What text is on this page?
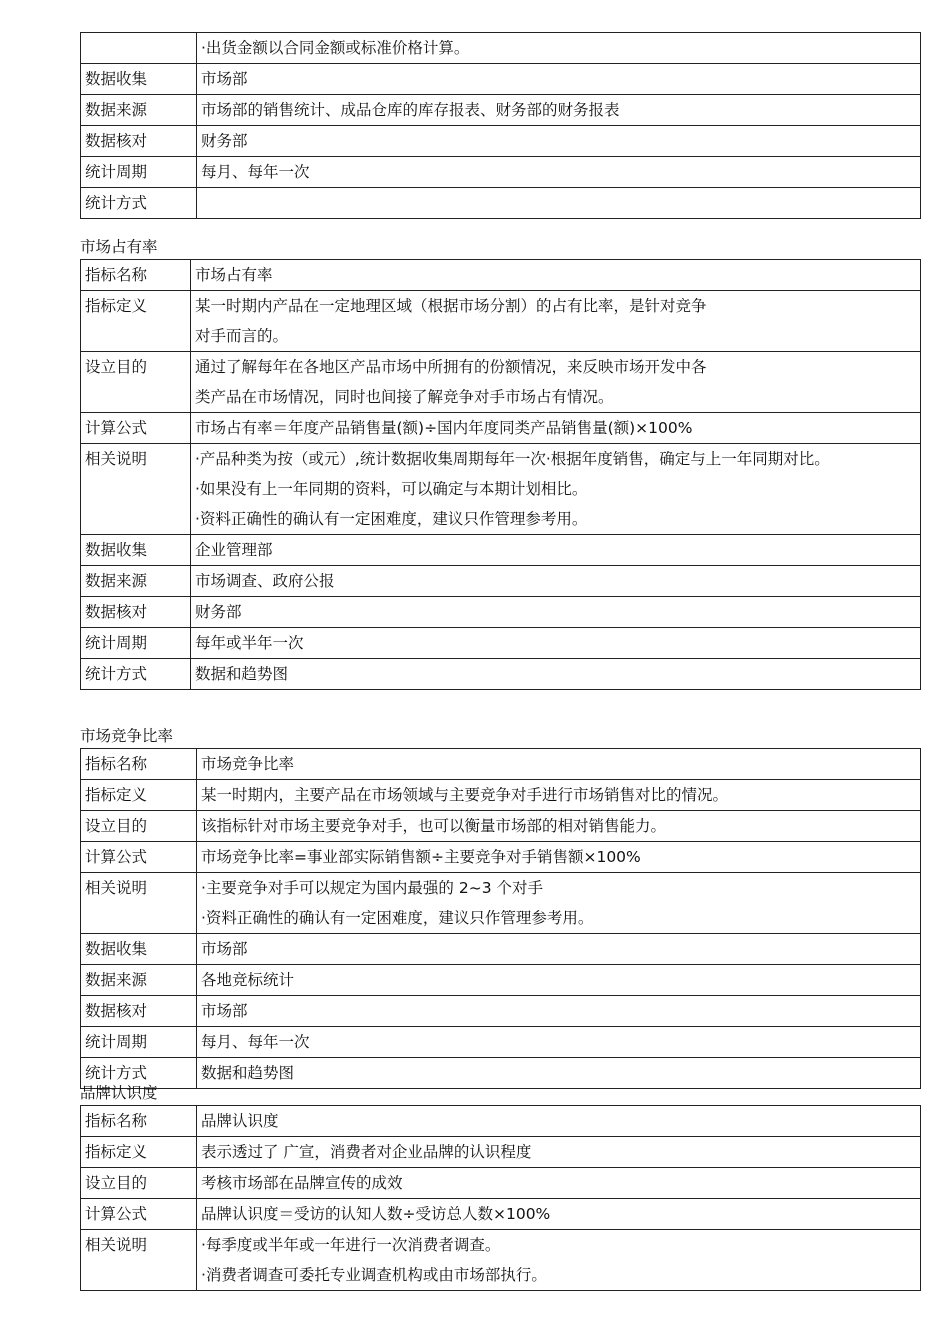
	·出货金额以合同金额或标准价格计算。

数据收集	市场部

数据来源	市场部的销售统计、成品仓库的库存报表、财务部的财务报表

数据核对	财务部

统计周期	每月、每年一次

统计方式	
市场占有率
指标名称	市场占有率

指标定义	某一时期内产品在一定地理区域（根据市场分割）的占有比率，是针对竞争
对手而言的。

设立目的	通过了解每年在各地区产品市场中所拥有的份额情况，来反映市场开发中各
类产品在市场情况，同时也间接了解竞争对手市场占有情况。

计算公式	市场占有率＝年度产品销售量(额)÷国内年度同类产品销售量(额)×100%

相关说明	·产品种类为按（或元）,统计数据收集周期每年一次·根据年度销售，确定与上一年同期对比。
·如果没有上一年同期的资料，可以确定与本期计划相比。
·资料正确性的确认有一定困难度，建议只作管理参考用。

数据收集	企业管理部

数据来源	市场调查、政府公报

数据核对	财务部

统计周期	每年或半年一次

统计方式	数据和趋势图
市场竞争比率
指标名称	市场竞争比率

指标定义	某一时期内，主要产品在市场领域与主要竞争对手进行市场销售对比的情况。

设立目的	该指标针对市场主要竞争对手，也可以衡量市场部的相对销售能力。

计算公式	市场竞争比率=事业部实际销售额÷主要竞争对手销售额×100%

相关说明	·主要竞争对手可以规定为国内最强的 2~3 个对手
·资料正确性的确认有一定困难度，建议只作管理参考用。

数据收集	市场部

数据来源	各地竞标统计

数据核对	市场部

统计周期	每月、每年一次

统计方式	数据和趋势图
品牌认识度
指标名称	品牌认识度

指标定义	表示透过了 广宣，消费者对企业品牌的认识程度

设立目的	考核市场部在品牌宣传的成效

计算公式	品牌认识度＝受访的认知人数÷受访总人数×100%

相关说明	·每季度或半年或一年进行一次消费者调查。
·消费者调查可委托专业调查机构或由市场部执行。
